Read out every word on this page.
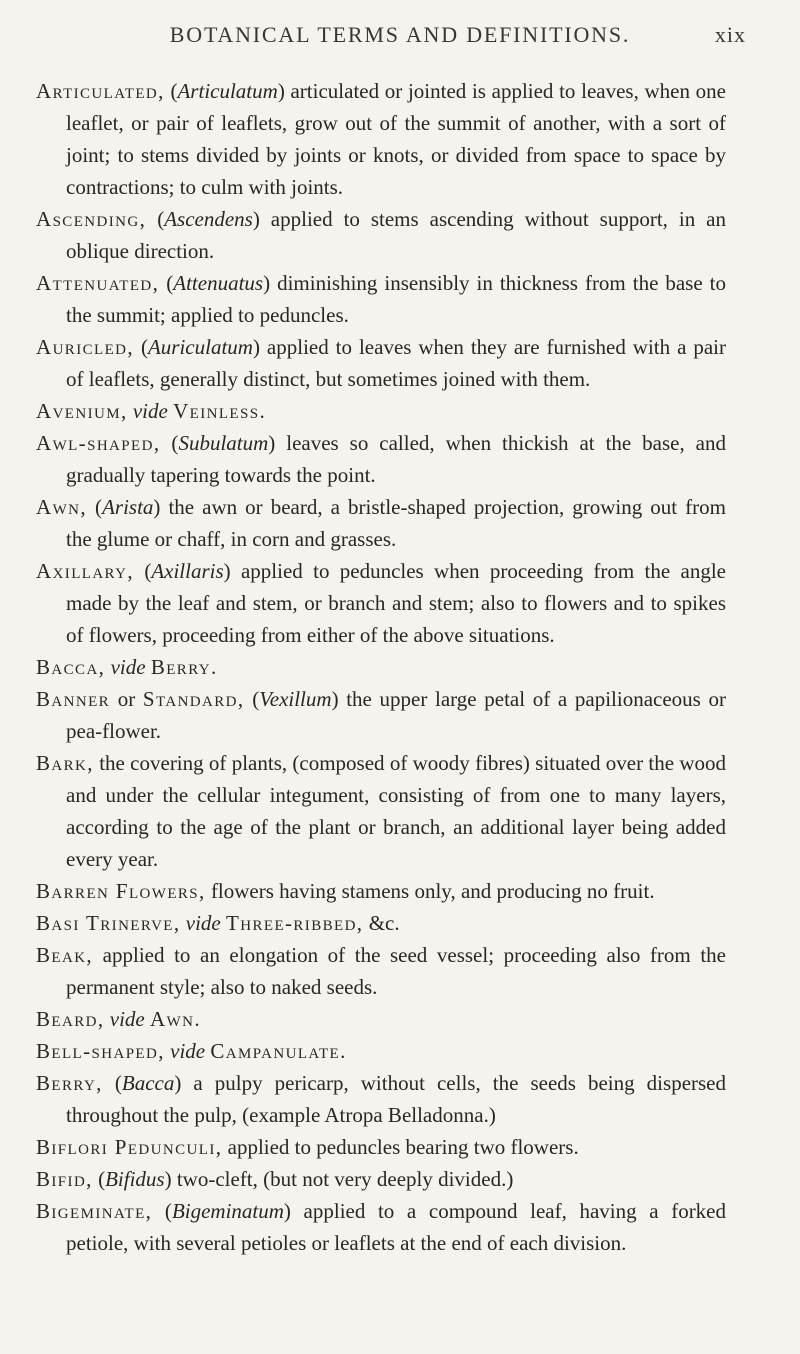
BOTANICAL TERMS AND DEFINITIONS.	xix
Articulated, (Articulatum) articulated or jointed is applied to leaves, when one leaflet, or pair of leaflets, grow out of the summit of another, with a sort of joint; to stems divided by joints or knots, or divided from space to space by contractions; to culm with joints.
Ascending, (Ascendens) applied to stems ascending without support, in an oblique direction.
Attenuated, (Attenuatus) diminishing insensibly in thickness from the base to the summit; applied to peduncles.
Auricled, (Auriculatum) applied to leaves when they are furnished with a pair of leaflets, generally distinct, but sometimes joined with them.
Avenium, vide Veinless.
Awl-shaped, (Subulatum) leaves so called, when thickish at the base, and gradually tapering towards the point.
Awn, (Arista) the awn or beard, a bristle-shaped projection, growing out from the glume or chaff, in corn and grasses.
Axillary, (Axillaris) applied to peduncles when proceeding from the angle made by the leaf and stem, or branch and stem; also to flowers and to spikes of flowers, proceeding from either of the above situations.
Bacca, vide Berry.
Banner or Standard, (Vexillum) the upper large petal of a papilionaceous or pea-flower.
Bark, the covering of plants, (composed of woody fibres) situated over the wood and under the cellular integument, consisting of from one to many layers, according to the age of the plant or branch, an additional layer being added every year.
Barren Flowers, flowers having stamens only, and producing no fruit.
Basi Trinerve, vide Three-ribbed, &c.
Beak, applied to an elongation of the seed vessel; proceeding also from the permanent style; also to naked seeds.
Beard, vide Awn.
Bell-shaped, vide Campanulate.
Berry, (Bacca) a pulpy pericarp, without cells, the seeds being dispersed throughout the pulp, (example Atropa Belladonna.)
Biflori Pedunculi, applied to peduncles bearing two flowers.
Bifid, (Bifidus) two-cleft, (but not very deeply divided.)
Bigeminate, (Bigeminatum) applied to a compound leaf, having a forked petiole, with several petioles or leaflets at the end of each division.
